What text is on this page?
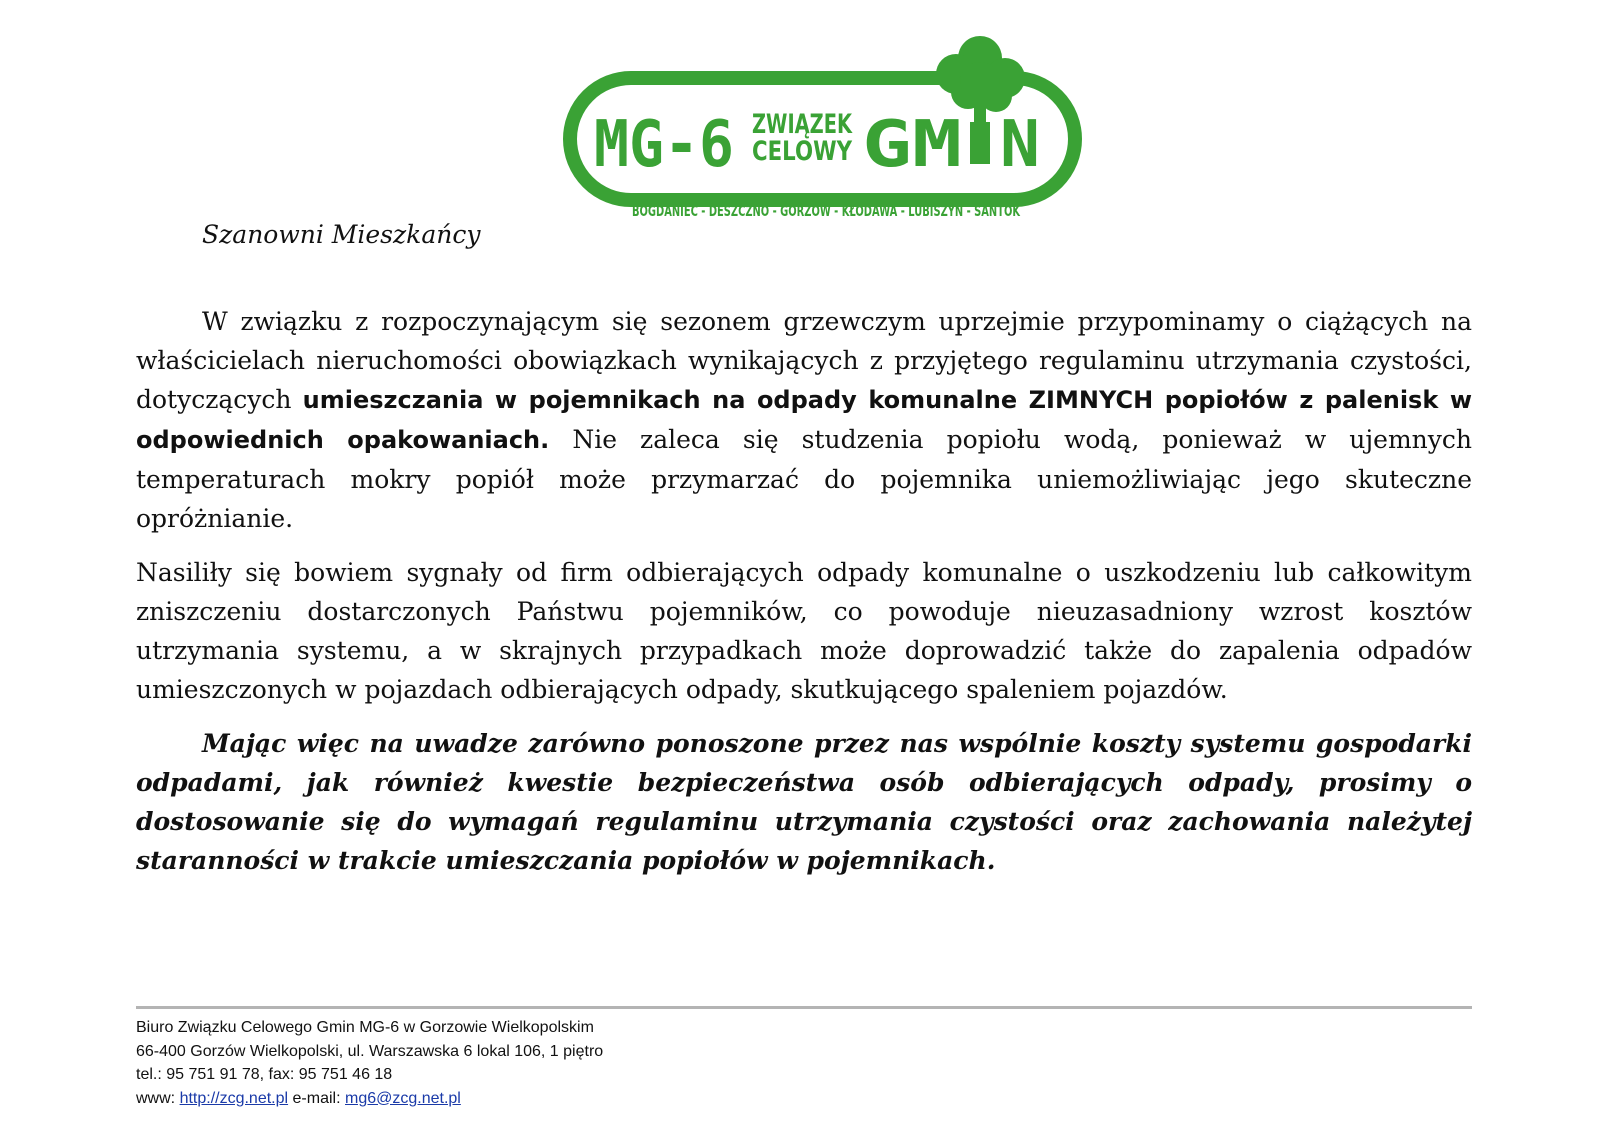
MG-6 ZWIĄZEK
CELOWY GM N
BOGDANIEC - DESZCZNO - GORZÓW - KŁODAWA - LUBISZYN - SANTOK

Szanowni Mieszkańcy

W związku z rozpoczynającym się sezonem grzewczym uprzejmie przypominamy o ciążących na właścicielach nieruchomości obowiązkach wynikających z przyjętego regulaminu utrzymania czystości, dotyczących umieszczania w pojemnikach na odpady komunalne ZIMNYCH popiołów z palenisk w odpowiednich opakowaniach. Nie zaleca się studzenia popiołu wodą, ponieważ w ujemnych temperaturach mokry popiół może przymarzać do pojemnika uniemożliwiając jego skuteczne opróżnianie.

Nasiliły się bowiem sygnały od firm odbierających odpady komunalne o uszkodzeniu lub całkowitym zniszczeniu dostarczonych Państwu pojemników, co powoduje nieuzasadniony wzrost kosztów utrzymania systemu, a w skrajnych przypadkach może doprowadzić także do zapalenia odpadów umieszczonych w pojazdach odbierających odpady, skutkującego spaleniem pojazdów.

Mając więc na uwadze zarówno ponoszone przez nas wspólnie koszty systemu gospodarki odpadami, jak również kwestie bezpieczeństwa osób odbierających odpady, prosimy o dostosowanie się do wymagań regulaminu utrzymania czystości oraz zachowania należytej staranności w trakcie umieszczania popiołów w pojemnikach.

Biuro Związku Celowego Gmin MG-6 w Gorzowie Wielkopolskim
66-400 Gorzów Wielkopolski, ul. Warszawska 6 lokal 106, 1 piętro
tel.: 95 751 91 78, fax: 95 751 46 18
www: http://zcg.net.pl e-mail: mg6@zcg.net.pl
